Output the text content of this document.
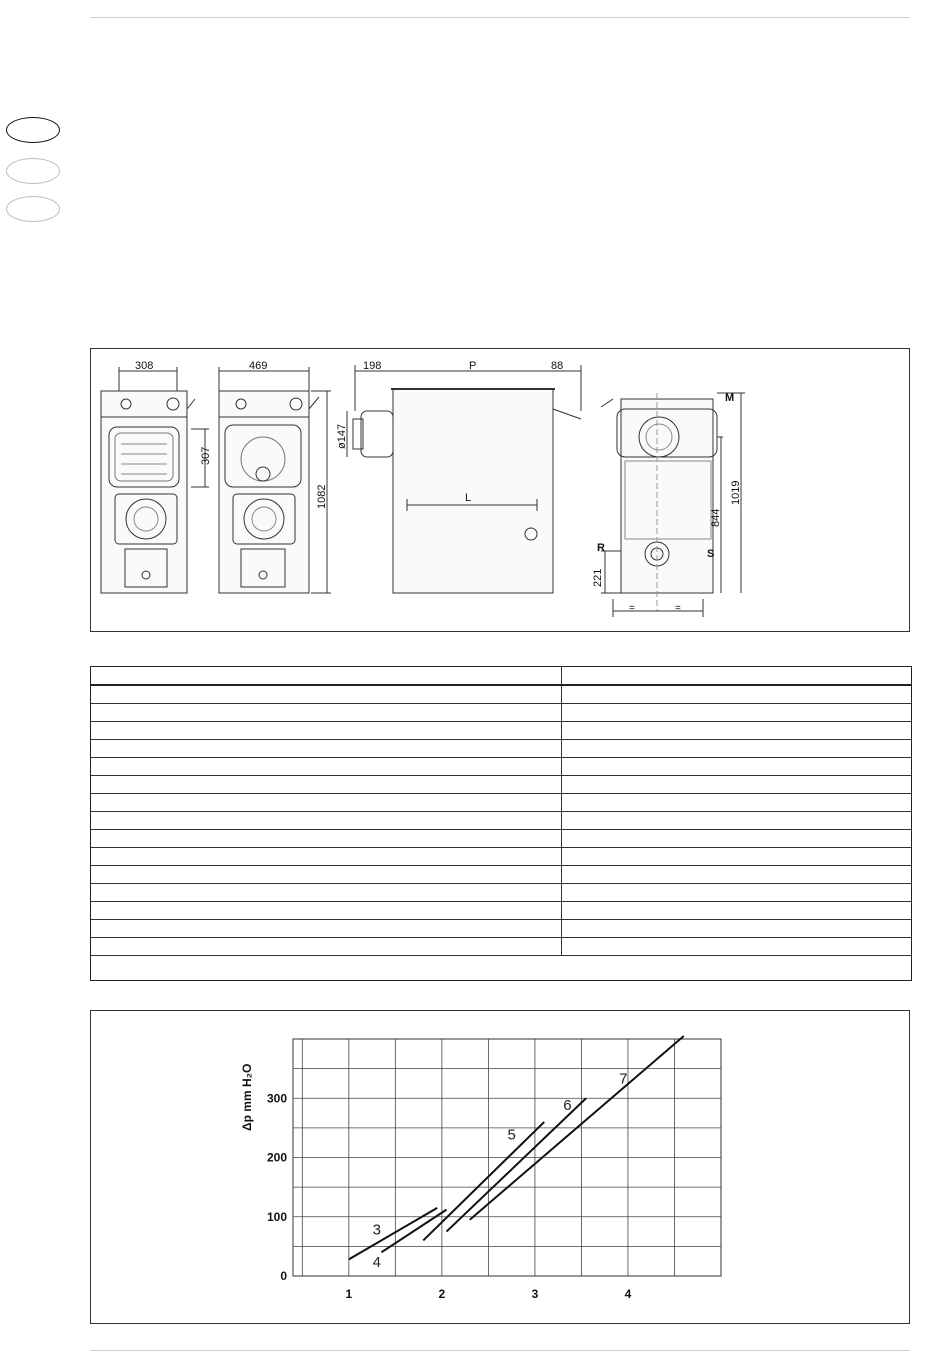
308	469
307
1082
198	P	88
ø147
L
844
1019
221
M
R	S
=	=

1	2	3	4
0
100
200
300
Δp mm H₂O
3
4
5
6
7
